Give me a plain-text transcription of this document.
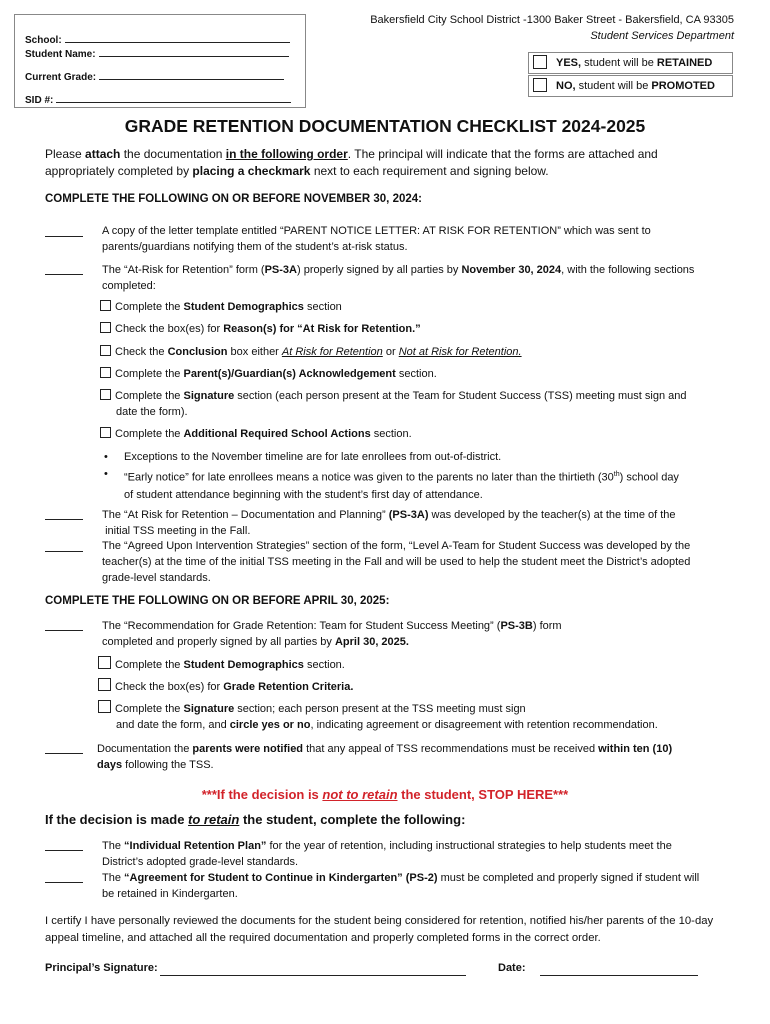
School:
Student Name:
Current Grade:
SID #:
Bakersfield City School District -1300 Baker Street - Bakersfield, CA 93305
Student Services Department
YES, student will be RETAINED
NO, student will be PROMOTED
GRADE RETENTION DOCUMENTATION CHECKLIST 2024-2025
Please attach the documentation in the following order. The principal will indicate that the forms are attached and appropriately completed by placing a checkmark next to each requirement and signing below.
COMPLETE THE FOLLOWING ON OR BEFORE NOVEMBER 30, 2024:
A copy of the letter template entitled “PARENT NOTICE LETTER: AT RISK FOR RETENTION” which was sent to parents/guardians notifying them of the student’s at-risk status.
The “At-Risk for Retention” form (PS-3A) properly signed by all parties by November 30, 2024, with the following sections completed:
Complete the Student Demographics section
Check the box(es) for Reason(s) for “At Risk for Retention.”
Check the Conclusion box either At Risk for Retention or Not at Risk for Retention.
Complete the Parent(s)/Guardian(s) Acknowledgement section.
Complete the Signature section (each person present at the Team for Student Success (TSS) meeting must sign and
date the form).
Complete the Additional Required School Actions section.
• Exceptions to the November timeline are for late enrollees from out-of-district.
• “Early notice” for late enrollees means a notice was given to the parents no later than the thirtieth (30th) school day
of student attendance beginning with the student’s first day of attendance.
The “At Risk for Retention – Documentation and Planning” (PS-3A) was developed by the teacher(s) at the time of the
initial TSS meeting in the Fall.
The “Agreed Upon Intervention Strategies” section of the form, “Level A-Team for Student Success was developed by the teacher(s) at the time of the initial TSS meeting in the Fall and will be used to help the student meet the District’s adopted grade-level standards.
COMPLETE THE FOLLOWING ON OR BEFORE APRIL 30, 2025:
The “Recommendation for Grade Retention: Team for Student Success Meeting” (PS-3B) form
completed and properly signed by all parties by April 30, 2025.
Complete the Student Demographics section.
Check the box(es) for Grade Retention Criteria.
Complete the Signature section; each person present at the TSS meeting must sign
and date the form, and circle yes or no, indicating agreement or disagreement with retention recommendation.
Documentation the parents were notified that any appeal of TSS recommendations must be received within ten (10)
days following the TSS.
***If the decision is not to retain the student, STOP HERE***
If the decision is made to retain the student, complete the following:
The “Individual Retention Plan” for the year of retention, including instructional strategies to help students meet the
District’s adopted grade-level standards.
The “Agreement for Student to Continue in Kindergarten” (PS-2) must be completed and properly signed if student will
be retained in Kindergarten.
I certify I have personally reviewed the documents for the student being considered for retention, notified his/her parents of the 10-day appeal timeline, and attached all the required documentation and properly completed forms in the correct order.
Principal’s Signature:	Date:
